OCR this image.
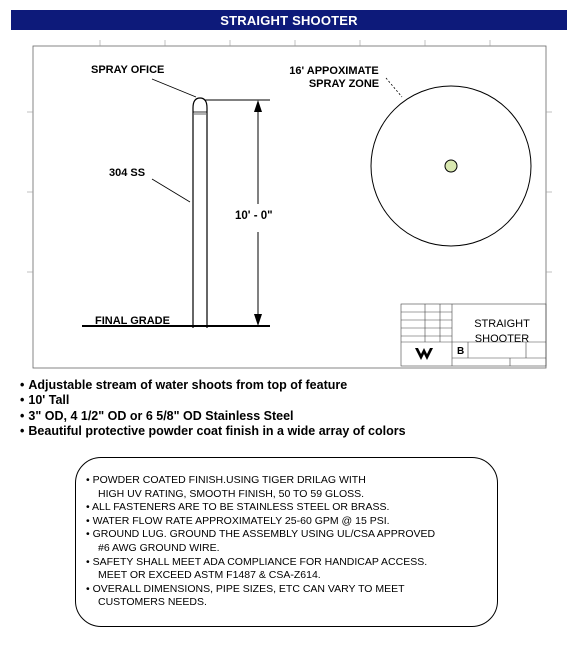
STRAIGHT SHOOTER
SPRAY OFICE	16' APPOXIMATE
SPRAY ZONE
304 SS
10' - 0"
FINAL GRADE	STRAIGHT
SHOOTER
B
• Adjustable stream of water shoots from top of feature
• 10' Tall
• 3" OD, 4 1/2" OD or 6 5/8" OD Stainless Steel
• Beautiful protective powder coat finish in a wide array of colors
• POWDER COATED FINISH.USING TIGER DRILAG WITH
HIGH UV RATING, SMOOTH FINISH, 50 TO 59 GLOSS.
• ALL FASTENERS ARE TO BE STAINLESS STEEL OR BRASS.
• WATER FLOW RATE APPROXIMATELY 25-60 GPM @ 15 PSI.
• GROUND LUG. GROUND THE ASSEMBLY USING UL/CSA APPROVED
#6 AWG GROUND WIRE.
• SAFETY SHALL MEET ADA COMPLIANCE FOR HANDICAP ACCESS.
MEET OR EXCEED ASTM F1487 & CSA-Z614.
• OVERALL DIMENSIONS, PIPE SIZES, ETC CAN VARY TO MEET
CUSTOMERS NEEDS.
